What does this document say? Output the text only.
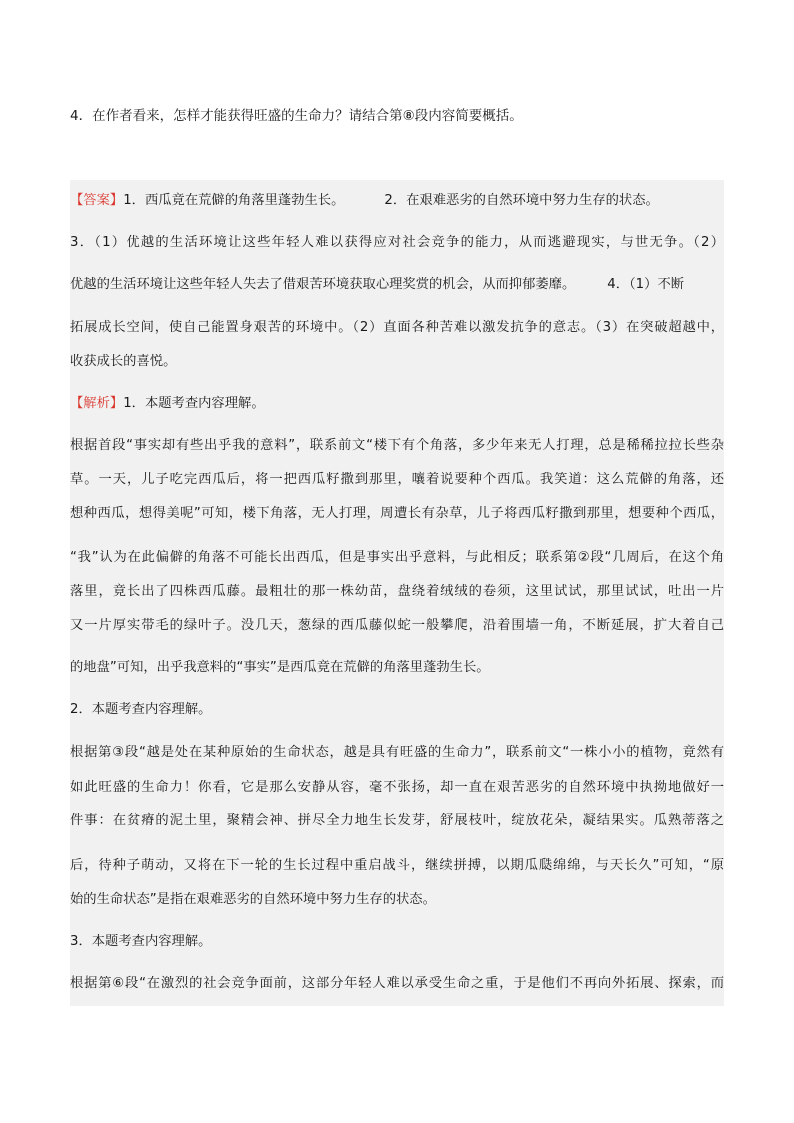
4．在作者看来，怎样才能获得旺盛的生命力？请结合第⑧段内容简要概括。
【答案】1．西瓜竟在荒僻的角落里蓬勃生长。	2．在艰难恶劣的自然环境中努力生存的状态。
3．（1）优越的生活环境让这些年轻人难以获得应对社会竞争的能力，从而逃避现实，与世无争。（2）
优越的生活环境让这些年轻人失去了借艰苦环境获取心理奖赏的机会，从而抑郁萎靡。 4．（1）不断
拓展成长空间，使自己能置身艰苦的环境中。（2）直面各种苦难以激发抗争的意志。（3）在突破超越中，
收获成长的喜悦。
【解析】1．本题考查内容理解。
根据首段“事实却有些出乎我的意料”，联系前文“楼下有个角落，多少年来无人打理，总是稀稀拉拉长些杂
草。一天，儿子吃完西瓜后，将一把西瓜籽撒到那里，嚷着说要种个西瓜。我笑道：这么荒僻的角落，还
想种西瓜，想得美呢”可知，楼下角落，无人打理，周遭长有杂草，儿子将西瓜籽撒到那里，想要种个西瓜，
“我”认为在此偏僻的角落不可能长出西瓜，但是事实出乎意料，与此相反；联系第②段“几周后，在这个角
落里，竟长出了四株西瓜藤。最粗壮的那一株幼苗，盘绕着绒绒的卷须，这里试试，那里试试，吐出一片
又一片厚实带毛的绿叶子。没几天，葱绿的西瓜藤似蛇一般攀爬，沿着围墙一角，不断延展，扩大着自己
的地盘”可知，出乎我意料的“事实”是西瓜竟在荒僻的角落里蓬勃生长。
2．本题考查内容理解。
根据第③段“越是处在某种原始的生命状态，越是具有旺盛的生命力”，联系前文“一株小小的植物，竟然有
如此旺盛的生命力！你看，它是那么安静从容，毫不张扬，却一直在艰苦恶劣的自然环境中执拗地做好一
件事：在贫瘠的泥土里，聚精会神、拼尽全力地生长发芽，舒展枝叶，绽放花朵，凝结果实。瓜熟蒂落之
后，待种子萌动，又将在下一轮的生长过程中重启战斗，继续拼搏，以期瓜瓞绵绵，与天长久”可知，“原
始的生命状态”是指在艰难恶劣的自然环境中努力生存的状态。
3．本题考查内容理解。
根据第⑥段“在激烈的社会竞争面前，这部分年轻人难以承受生命之重，于是他们不再向外拓展、探索，而
